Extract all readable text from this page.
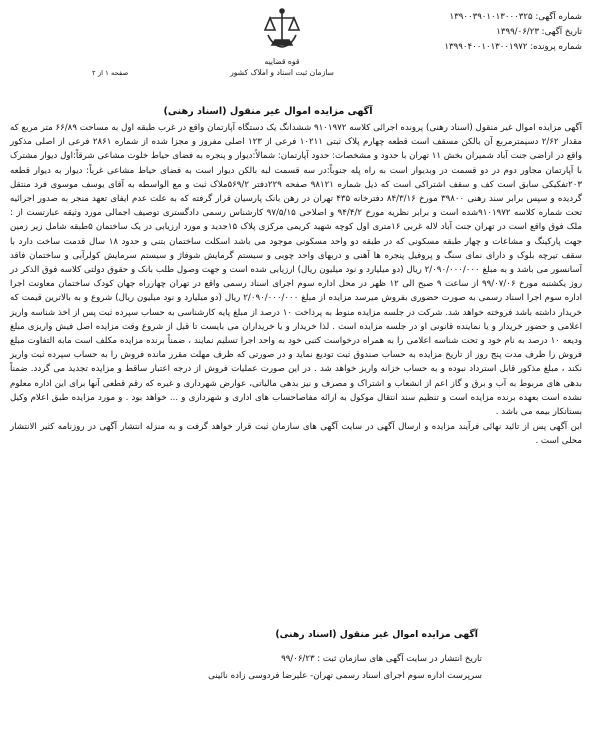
شماره آگهی: ۱۳۹۰۰۳۹۰۱۰۱۳۰۰۰۳۲۵
تاریخ آگهی: ۱۳۹۹/۰۶/۲۳
شماره پرونده: ۱۳۹۹۰۴۰۰۱۰۱۳۰۰۱۹۷۲
قوه قضاییه
سازمان ثبت اسناد و املاک کشور
صفحه ۱ از ۲
آگهی مزایده اموال غیر منقول (اسناد رهنی)

آگهی مزایده اموال غیر منقول (اسناد رهنی) پرونده اجرائی کلاسه ۹۱۰۱۹۷۲ ششدانگ یک دستگاه آپارتمان واقع در غرب طبقه اول به مساحت ۶۶/۸۹ متر مربع که مقدار ۲/۶۲ دسیمترمربع آن بالکن مسقف است قطعه چهارم پلاک ثبتی ۱۰۲۱۱ فرعی از ۱۲۳ اصلی مفروز و مجزا شده از شماره ۲۸۶۱ فرعی از اصلی مذکور واقع در اراضی جنت آباد شمیران بخش ۱۱ تهران با حدود و مشخصات: حدود آپارتمان: شمالاً:دیوار و پنجره به فضای حیاط خلوت مشاعی شرقاً:اول دیوار مشترک با آپارتمان مجاور دوم در دو قسمت در وبدیوار است به راه پله جنوباً:در سه قسمت لبه بالکن دیوار است به فضای حیاط مشاعی غرباً: دیوار به دیوار قطعه ۲۰۳تفکیکی سابق است کف و سقف اشتراکی است که ذیل شماره ۹۸۱۲۱ صفحه ۲۲۹دفتر ۵۶۹/۲ملاک ثبت و مع الواسطه به آقای یوسف موسوی فرد منتقل گردیده و سپس برابر سند رهنی ۳۹۸۰۰ مورخ ۸۴/۳/۱۶ دفترخانه ۴۳۵ تهران در رهن بانک پارسیان قرار گرفته که به علت عدم ایفای تعهد منجر به صدور اجرائیه تحت شماره کلاسه ۹۱۰۱۹۷۲شده است و برابر نظریه مورخ ۹۴/۴/۲ و اصلاحی ۹۷/۵/۱۵ کارشناس رسمی دادگستری توصیف اجمالی مورد وثیقه عبارتست از : ملک فوق واقع است در تهران جنت آباد لاله غربی ۱۶متری اول کوچه شهید کریمی مرکزی پلاک ۱۵جدید و مورد ارزیابی در یک ساختمان ۵طبقه شامل زیر زمین جهت پارکینگ و مشاعات و چهار طبقه مسکونی که در طبقه دو واحد مسکونی موجود می باشد اسکلت ساختمان بتنی و حدود ۱۸ سال قدمت ساخت دارد با سقف تیرچه بلوک و دارای نمای سنگ و پروفیل پنجره ها آهنی و دربهای واحد چوبی و سیستم گرمایش شوفاژ و سیستم سرمایش کولرآبی و ساختمان فاقد آسانسور می باشد و به مبلغ ۲/۰۹۰/۰۰۰/۰۰۰ ریال (دو میلیارد و نود میلیون ریال) ارزیابی شده است و جهت وصول طلب بانک و حقوق دولتی کلاسه فوق الذکر در روز یکشنبه مورخ ۹۹/۰۷/۰۶ از ساعت ۹ صبح الی ۱۲ ظهر در محل اداره سوم اجرای اسناد رسمی واقع در تهران چهارراه جهان کودک ساختمان معاونت اجرا اداره سوم اجرا اسناد رسمی به صورت حضوری بفروش میرسد مزایده از مبلغ ۲/۰۹۰/۰۰۰/۰۰۰ ریال (دو میلیارد و نود میلیون ریال) شروع و به بالاترین قیمت که خریدار داشته باشد فروخته خواهد شد. شرکت در جلسه مزایده منوط به پرداخت ۱۰ درصد از مبلغ پایه کارشناسی به حساب سپرده ثبت پس از اخذ شناسه واریز اعلامی و حضور خریدار و یا نماینده قانونی او در جلسه مزایده است . لذا خریدار و یا خریداران می بایست تا قبل از شروع وقت مزایده اصل فیش واریزی مبلغ ودیعه ۱۰ درصد به نام خود و تحت شناسه اعلامی را به همراه درخواست کتبی خود به واحد اجرا تسلیم نمایند ، ضمناً برنده مزایده مکلف است مابه التفاوت مبلغ فروش را ظرف مدت پنج روز از تاریخ مزایده به حساب صندوق ثبت تودیع نماید و در صورتی که ظرف مهلت مقرر مانده فروش را به حساب سپرده ثبت واریز نکند ، مبلغ مذکور قابل استرداد نبوده و به حساب خزانه واریز خواهد شد . در این صورت عملیات فروش از درجه اعتبار ساقط و مزایده تجدید می گردد. ضمناً بدهی های مربوط به آب و برق و گاز اعم از انشعاب و اشتراک و مصرف و نیز بدهی مالیاتی، عوارض شهرداری و غیره که رقم قطعی آنها برای این اداره معلوم نشده است بعهده برنده مزایده است و تنظیم سند انتقال موکول به ارائه مفاصاحساب های اداری و شهرداری و ... خواهد بود . و مورد مزایده طبق اعلام وکیل بستانکار بیمه می باشد .

این آگهی پس از تائید نهائی فرآیند مزایده و ارسال آگهی در سایت آگهی های سازمان ثبت قرار خواهد گرفت و به منزله انتشار آگهی در روزنامه کثیر الانتشار محلی است .

آگهی مزایده اموال غیر منقول (اسناد رهنی)
تاریخ انتشار در سایت آگهی های سازمان ثبت : ۹۹/۰۶/۲۳
سرپرست اداره سوم اجرای اسناد رسمی تهران- علیرضا فردوسی زاده نائینی
